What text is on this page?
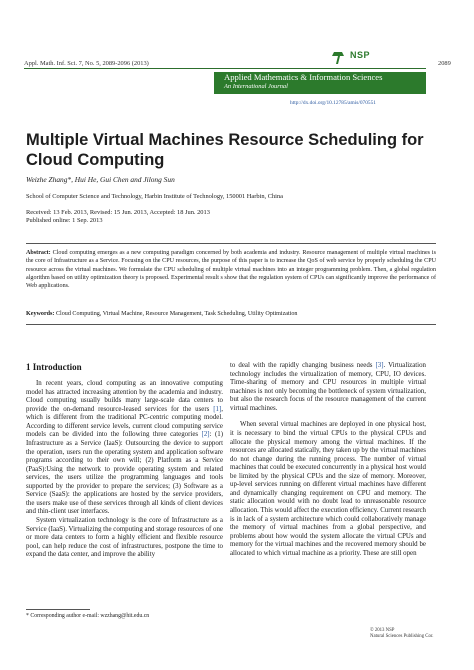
Appl. Math. Inf. Sci. 7, No. 5, 2089-2096 (2013)	2089
NSP
Applied Mathematics & Information Sciences
An International Journal
http://dx.doi.org/10.12785/amis/070551
Multiple Virtual Machines Resource Scheduling for Cloud Computing
Weizhe Zhang*, Hui He, Gui Chen and Jilong Sun
School of Computer Science and Technology, Harbin Institute of Technology, 150001 Harbin, China
Received: 13 Feb. 2013, Revised: 15 Jun. 2013, Accepted: 18 Jun. 2013
Published online: 1 Sep. 2013
Abstract: Cloud computing emerges as a new computing paradigm concerned by both academia and industry. Resource management of multiple virtual machines is the core of Infrastructure as a Service. Focusing on the CPU resources, the purpose of this paper is to increase the QoS of web service by properly scheduling the CPU resource across the virtual machines. We formulate the CPU scheduling of multiple virtual machines into an integer programming problem. Then, a global regulation algorithm based on utility optimization theory is proposed. Experimental result s show that the regulation system of CPUs can significantly improve the performance of Web applications.
Keywords: Cloud Computing, Virtual Machine, Resource Management, Task Scheduling, Utility Optimization
1 Introduction

In recent years, cloud computing as an innovative computing model has attracted increasing attention by the academia and industry. Cloud computing usually builds many large-scale data centers to provide the on-demand resource-leased services for the users [1], which is different from the traditional PC-centric computing model. According to different service levels, current cloud computing service models can be divided into the following three categories [2]: (1) Infrastructure as a Service (IaaS): Outsourcing the device to support the operation, users run the operating system and application software programs according to their own will; (2) Platform as a Service (PaaS):Using the network to provide operating system and related services, the users utilize the programming languages and tools supported by the provider to prepare the services; (3) Software as a Service (SaaS): the applications are hosted by the service providers, the users make use of these services through all kinds of client devices and thin-client user interfaces.

System virtualization technology is the core of Infrastructure as a Service (IaaS). Virtualizing the computing and storage resources of one or more data centers to form a highly efficient and flexible resource pool, can help reduce the cost of infrastructures, postpone the time to expand the data center, and improve the ability

to deal with the rapidly changing business needs [3]. Virtualization technology includes the virtualization of memory, CPU, IO devices. Time-sharing of memory and CPU resources in multiple virtual machines is not only becoming the bottleneck of system virtualization, but also the research focus of the resource management of the current virtual machines.

When several virtual machines are deployed in one physical host, it is necessary to bind the virtual CPUs to the physical CPUs and allocate the physical memory among the virtual machines. If the resources are allocated statically, they taken up by the virtual machines do not change during the running process. The number of virtual machines that could be executed concurrently in a physical host would be limited by the physical CPUs and the size of memory. Moreover, up-level services running on different virtual machines have different and dynamically changing requirement on CPU and memory. The static allocation would with no doubt lead to unreasonable resource allocation. This would affect the execution efficiency. Current research is in lack of a system architecture which could collaboratively manage the memory of virtual machines from a global perspective, and problems about how would the system allocate the virtual CPUs and memory for the virtual machines and the recovered memory should be allocated to which virtual machine as a priority. These are still open

* Corresponding author e-mail: wzzhang@hit.edu.cn
© 2013 NSP
Natural Sciences Publishing Cor.
